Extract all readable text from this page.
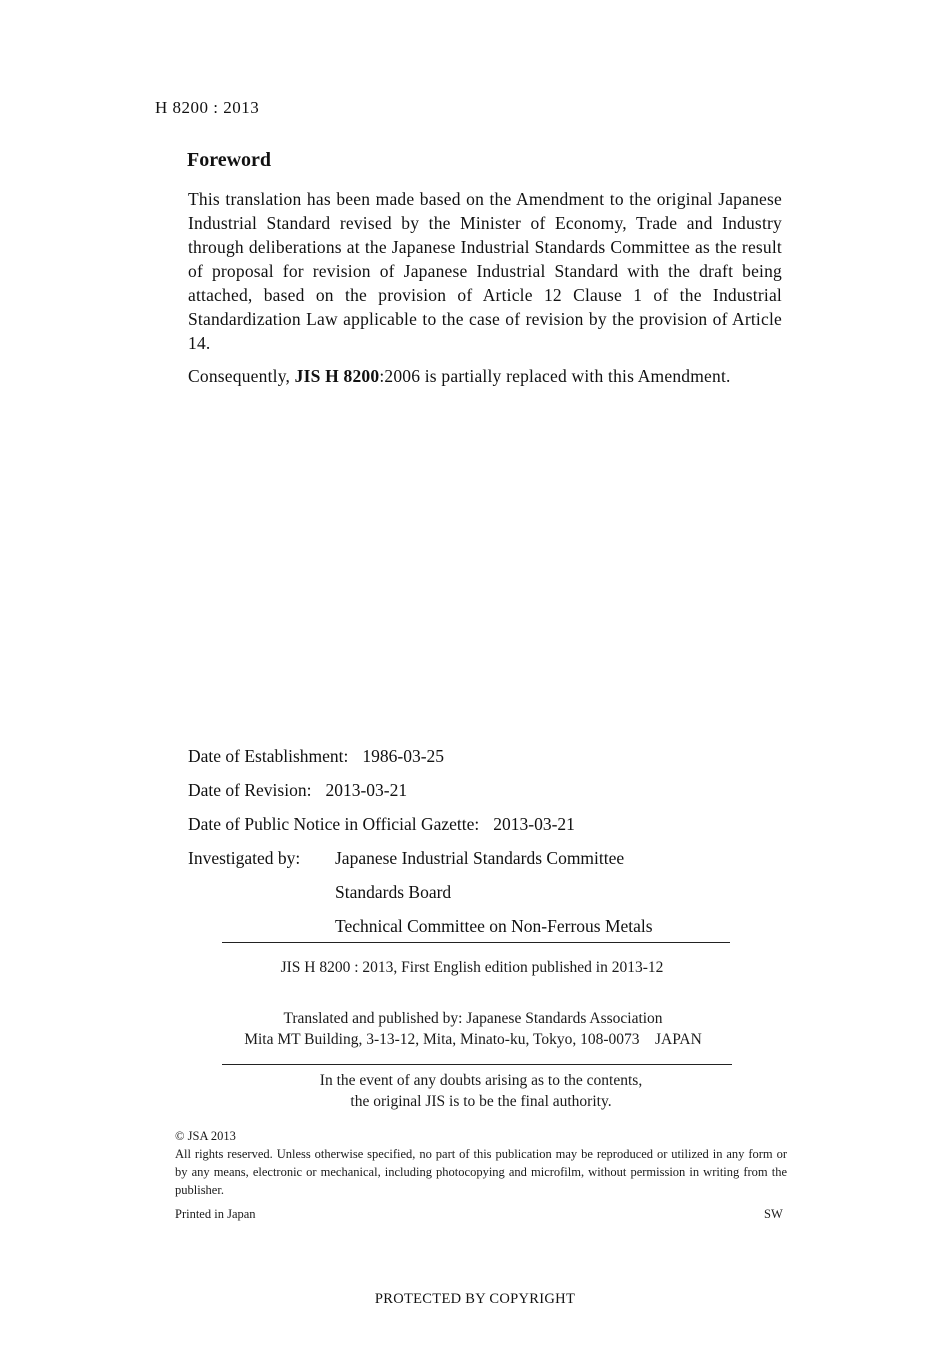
H 8200 : 2013
Foreword
This translation has been made based on the Amendment to the original Japanese Industrial Standard revised by the Minister of Economy, Trade and Industry through deliberations at the Japanese Industrial Standards Committee as the result of proposal for revision of Japanese Industrial Standard with the draft being attached, based on the provision of Article 12 Clause 1 of the Industrial Standardization Law applicable to the case of revision by the provision of Article 14.
Consequently, JIS H 8200:2006 is partially replaced with this Amendment.
Date of Establishment: 1986-03-25
Date of Revision: 2013-03-21
Date of Public Notice in Official Gazette: 2013-03-21
Investigated by: Japanese Industrial Standards Committee
Standards Board
Technical Committee on Non-Ferrous Metals
JIS H 8200 : 2013, First English edition published in 2013-12
Translated and published by: Japanese Standards Association
Mita MT Building, 3-13-12, Mita, Minato-ku, Tokyo, 108-0073    JAPAN
In the event of any doubts arising as to the contents,
the original JIS is to be the final authority.
© JSA 2013
All rights reserved. Unless otherwise specified, no part of this publication may be reproduced or utilized in any form or by any means, electronic or mechanical, including photocopying and microfilm, without permission in writing from the publisher.
Printed in Japan	SW
PROTECTED BY COPYRIGHT
